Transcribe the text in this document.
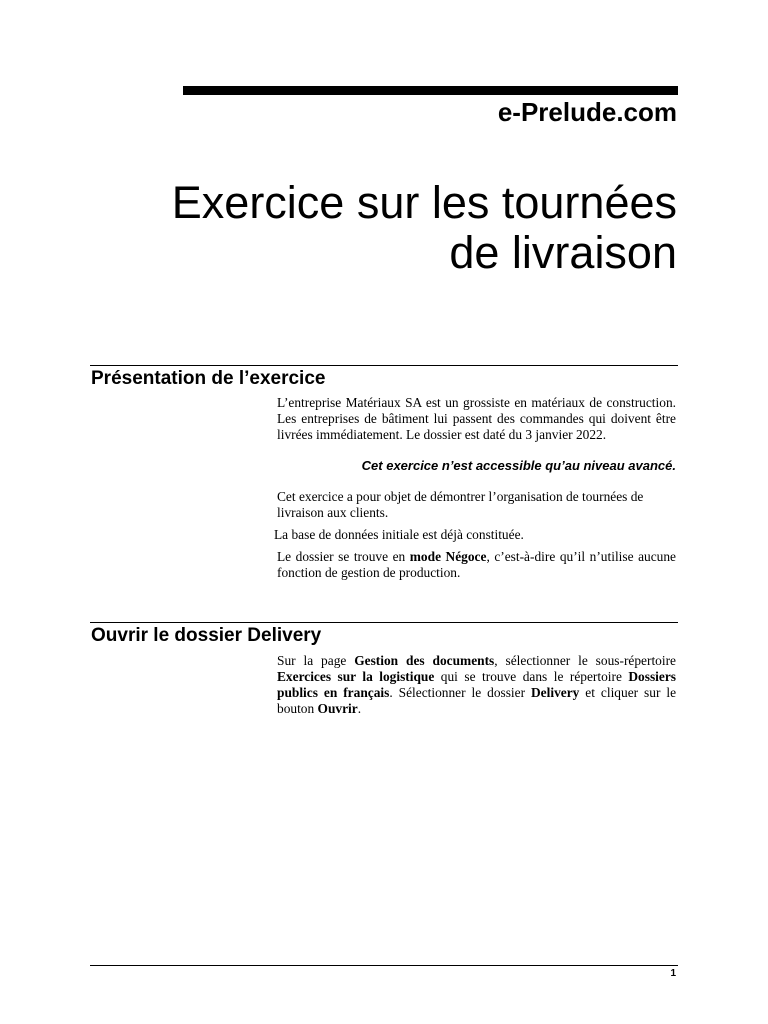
e-Prelude.com
Exercice sur les tournées
de livraison
Présentation de l’exercice

L’entreprise Matériaux SA est un grossiste en matériaux de construction. Les entreprises de bâtiment lui passent des commandes qui doivent être livrées immédiatement. Le dossier est daté du 3 janvier 2022.

Cet exercice n’est accessible qu’au niveau avancé.

Cet exercice a pour objet de démontrer l’organisation de tournées de livraison aux clients.

La base de données initiale est déjà constituée.

Le dossier se trouve en mode Négoce, c’est-à-dire qu’il n’utilise aucune fonction de gestion de production.

Ouvrir le dossier Delivery

Sur la page Gestion des documents, sélectionner le sous-répertoire Exercices sur la logistique qui se trouve dans le répertoire Dossiers publics en français. Sélectionner le dossier Delivery et cliquer sur le bouton Ouvrir.

1
